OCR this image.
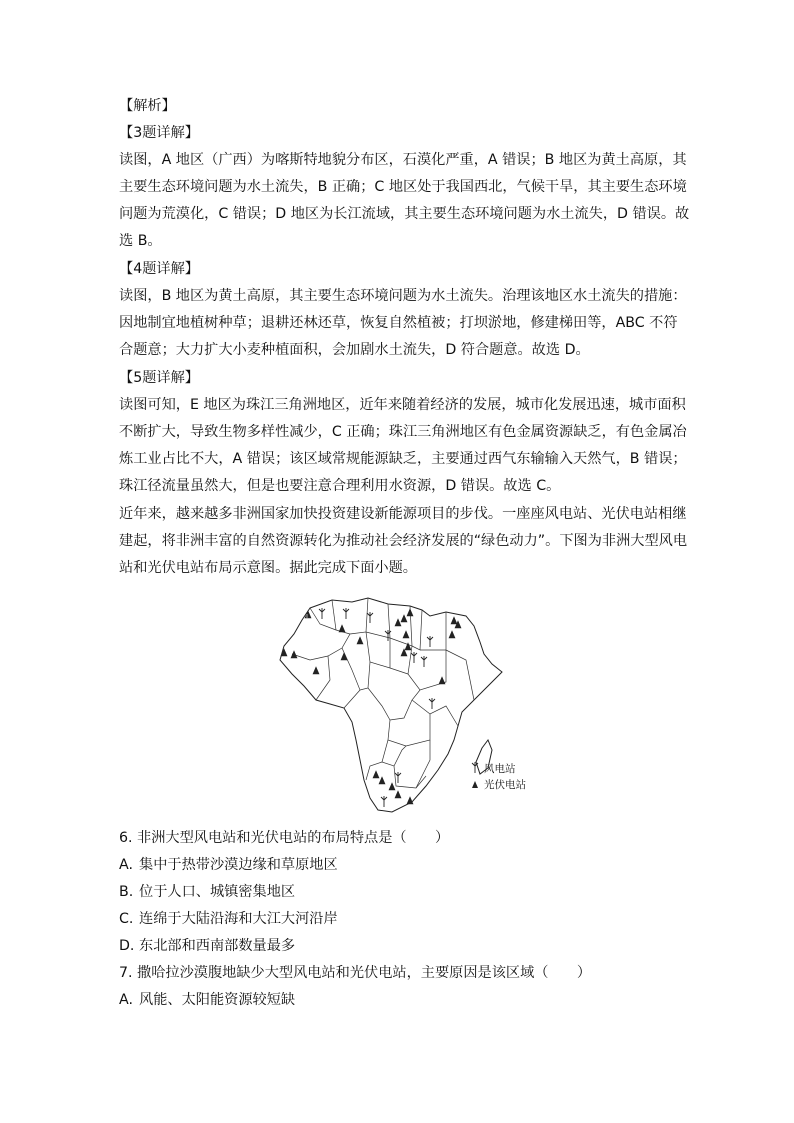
【解析】
【3题详解】
读图，A 地区（广西）为喀斯特地貌分布区，石漠化严重，A 错误；B 地区为黄土高原，其
主要生态环境问题为水土流失，B 正确；C 地区处于我国西北，气候干旱，其主要生态环境
问题为荒漠化，C 错误；D 地区为长江流域，其主要生态环境问题为水土流失，D 错误。故
选 B。
【4题详解】
读图，B 地区为黄土高原，其主要生态环境问题为水土流失。治理该地区水土流失的措施：
因地制宜地植树种草；退耕还林还草，恢复自然植被；打坝淤地，修建梯田等，ABC 不符
合题意；大力扩大小麦种植面积，会加剧水土流失，D 符合题意。故选 D。
【5题详解】
读图可知，E 地区为珠江三角洲地区，近年来随着经济的发展，城市化发展迅速，城市面积
不断扩大，导致生物多样性减少，C 正确；珠江三角洲地区有色金属资源缺乏，有色金属冶
炼工业占比不大，A 错误；该区域常规能源缺乏，主要通过西气东输输入天然气，B 错误；
珠江径流量虽然大，但是也要注意合理利用水资源，D 错误。故选 C。
近年来，越来越多非洲国家加快投资建设新能源项目的步伐。一座座风电站、光伏电站相继
建起，将非洲丰富的自然资源转化为推动社会经济发展的“绿色动力”。下图为非洲大型风电
站和光伏电站布局示意图。据此完成下面小题。
风电站
光伏电站
6. 非洲大型风电站和光伏电站的布局特点是（　　）
A. 集中于热带沙漠边缘和草原地区
B. 位于人口、城镇密集地区
C. 连绵于大陆沿海和大江大河沿岸
D. 东北部和西南部数量最多
7. 撒哈拉沙漠腹地缺少大型风电站和光伏电站，主要原因是该区域（　　）
A. 风能、太阳能资源较短缺
